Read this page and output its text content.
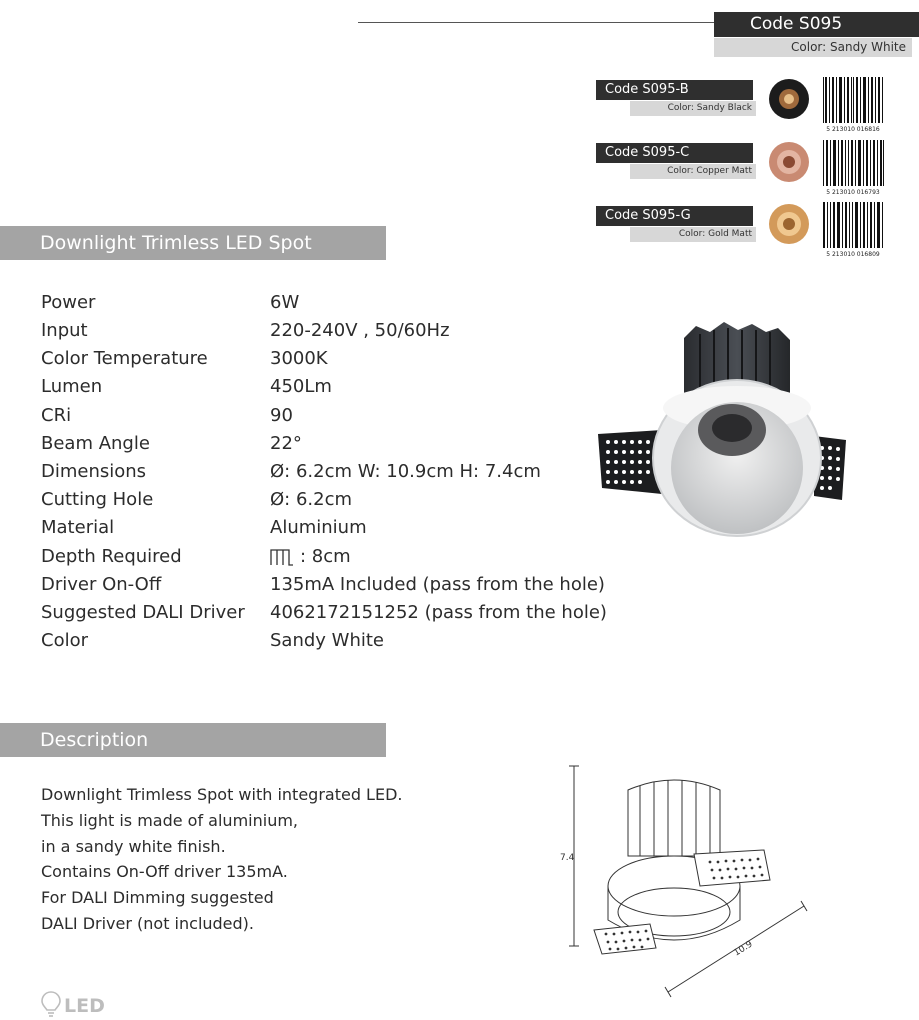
Code S095
Color: Sandy White
Code S095-B
Color: Sandy Black
5 213010 016816
Code S095-C
Color: Copper Matt
5 213010 016793
Code S095-G
Color: Gold Matt
5 213010 016809
Downlight Trimless LED Spot
Power	6W
Input	220-240V , 50/60Hz
Color Temperature	3000K
Lumen	450Lm
CRi	90
Beam Angle	22°
Dimensions	Ø: 6.2cm W: 10.9cm H: 7.4cm
Cutting Hole	Ø: 6.2cm
Material	Aluminium
Depth Required	: 8cm
Driver On-Off	135mA Included (pass from the hole)
Suggested DALI Driver 4062172151252 (pass from the hole)
Color	Sandy White
Description
Downlight Trimless Spot with integrated LED.
This light is made of aluminium,
in a sandy white finish.
Contains On-Off driver 135mA.
For DALI Dimming suggested
DALI Driver (not included).
7.4
10.9
LED
